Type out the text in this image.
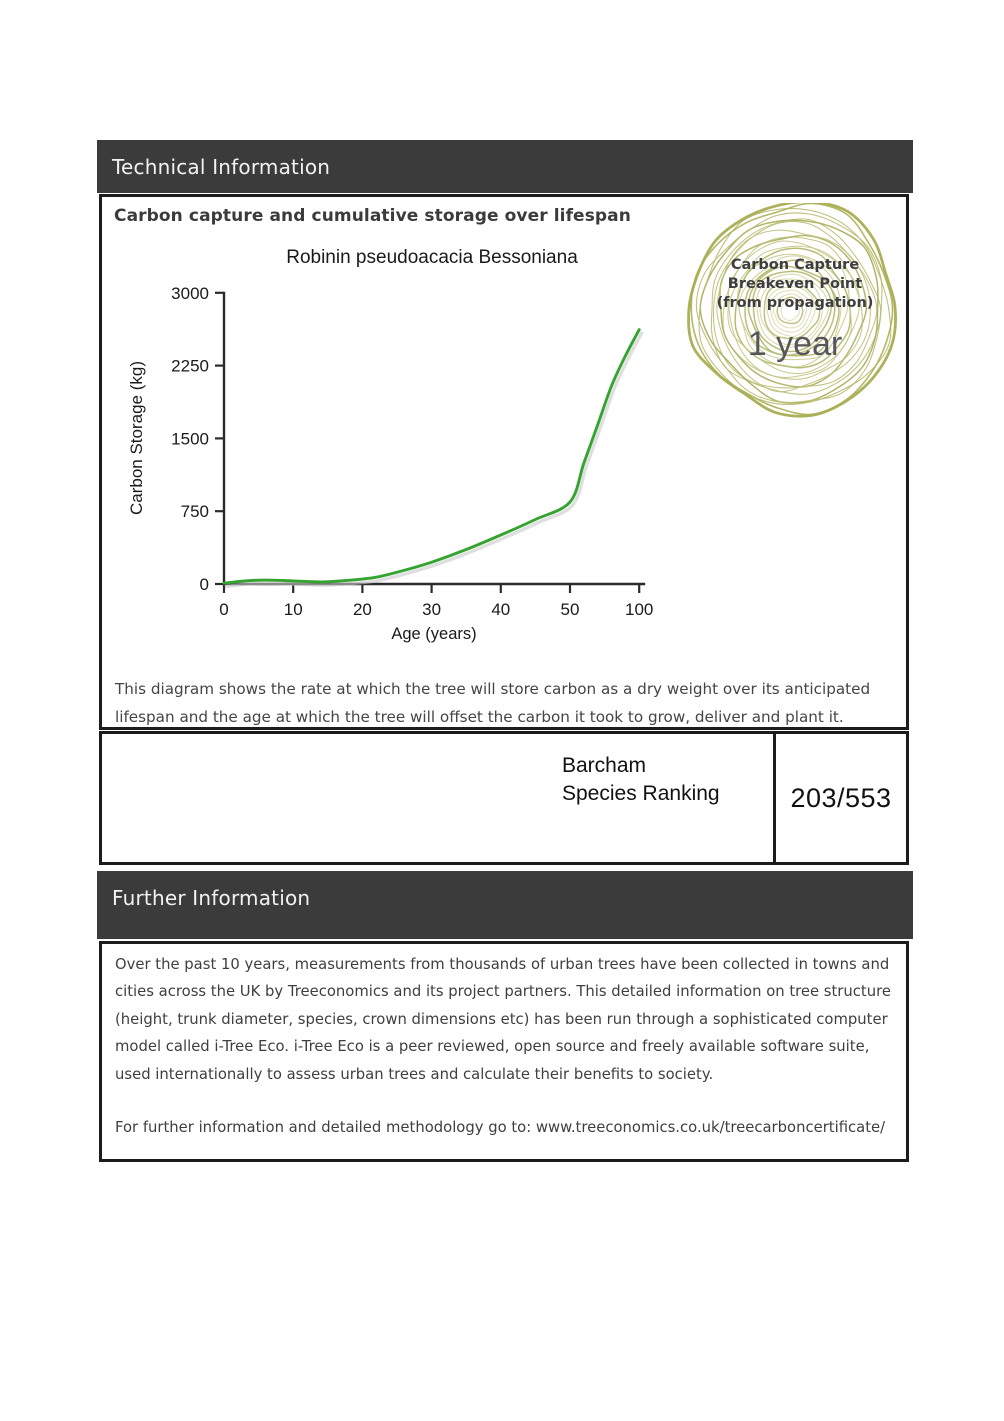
Technical Information
Carbon capture and cumulative storage over lifespan
Robinin pseudoacacia Bessoniana
Carbon Storage (kg)
Age (years)
0
750
1500
2250
3000
0	10	20	30	40	50	100
Carbon Capture
Breakeven Point
(from propagation)
1 year
This diagram shows the rate at which the tree will store carbon as a dry weight over its anticipated
lifespan and the age at which the tree will offset the carbon it took to grow, deliver and plant it.
Barcham
Species Ranking	203/553
Further Information
Over the past 10 years, measurements from thousands of urban trees have been collected in towns and
cities across the UK by Treeconomics and its project partners. This detailed information on tree structure
(height, trunk diameter, species, crown dimensions etc) has been run through a sophisticated computer
model called i-Tree Eco. i-Tree Eco is a peer reviewed, open source and freely available software suite,
used internationally to assess urban trees and calculate their benefits to society.
For further information and detailed methodology go to: www.treeconomics.co.uk/treecarboncertificate/
